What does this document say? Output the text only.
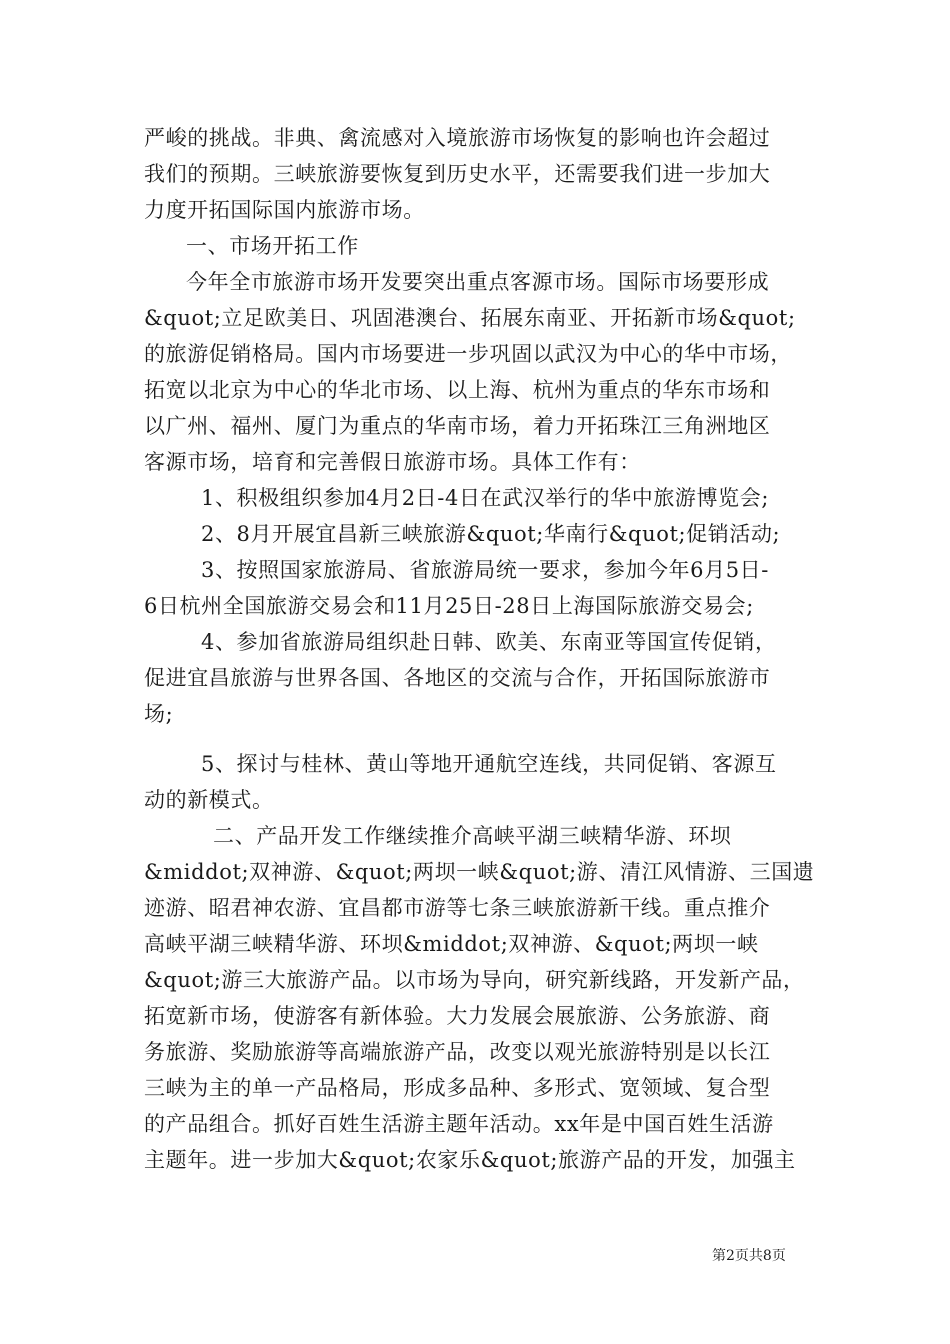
严峻的挑战。非典、禽流感对入境旅游市场恢复的影响也许会超过
我们的预期。三峡旅游要恢复到历史水平，还需要我们进一步加大
力度开拓国际国内旅游市场。
一、市场开拓工作
今年全市旅游市场开发要突出重点客源市场。国际市场要形成
&quot;立足欧美日、巩固港澳台、拓展东南亚、开拓新市场&quot;
的旅游促销格局。国内市场要进一步巩固以武汉为中心的华中市场，
拓宽以北京为中心的华北市场、以上海、杭州为重点的华东市场和
以广州、福州、厦门为重点的华南市场，着力开拓珠江三角洲地区
客源市场，培育和完善假日旅游市场。具体工作有：
1、积极组织参加4月2日-4日在武汉举行的华中旅游博览会;
2、8月开展宜昌新三峡旅游&quot;华南行&quot;促销活动;
3、按照国家旅游局、省旅游局统一要求，参加今年6月5日-
6日杭州全国旅游交易会和11月25日-28日上海国际旅游交易会;
4、参加省旅游局组织赴日韩、欧美、东南亚等国宣传促销，
促进宜昌旅游与世界各国、各地区的交流与合作，开拓国际旅游市
场;
5、探讨与桂林、黄山等地开通航空连线，共同促销、客源互
动的新模式。
二、产品开发工作继续推介高峡平湖三峡精华游、环坝
&middot;双神游、&quot;两坝一峡&quot;游、清江风情游、三国遗
迹游、昭君神农游、宜昌都市游等七条三峡旅游新干线。重点推介
高峡平湖三峡精华游、环坝&middot;双神游、&quot;两坝一峡
&quot;游三大旅游产品。以市场为导向，研究新线路，开发新产品，
拓宽新市场，使游客有新体验。大力发展会展旅游、公务旅游、商
务旅游、奖励旅游等高端旅游产品，改变以观光旅游特别是以长江
三峡为主的单一产品格局，形成多品种、多形式、宽领域、复合型
的产品组合。抓好百姓生活游主题年活动。xx年是中国百姓生活游
主题年。进一步加大&quot;农家乐&quot;旅游产品的开发，加强主
第2页共8页
